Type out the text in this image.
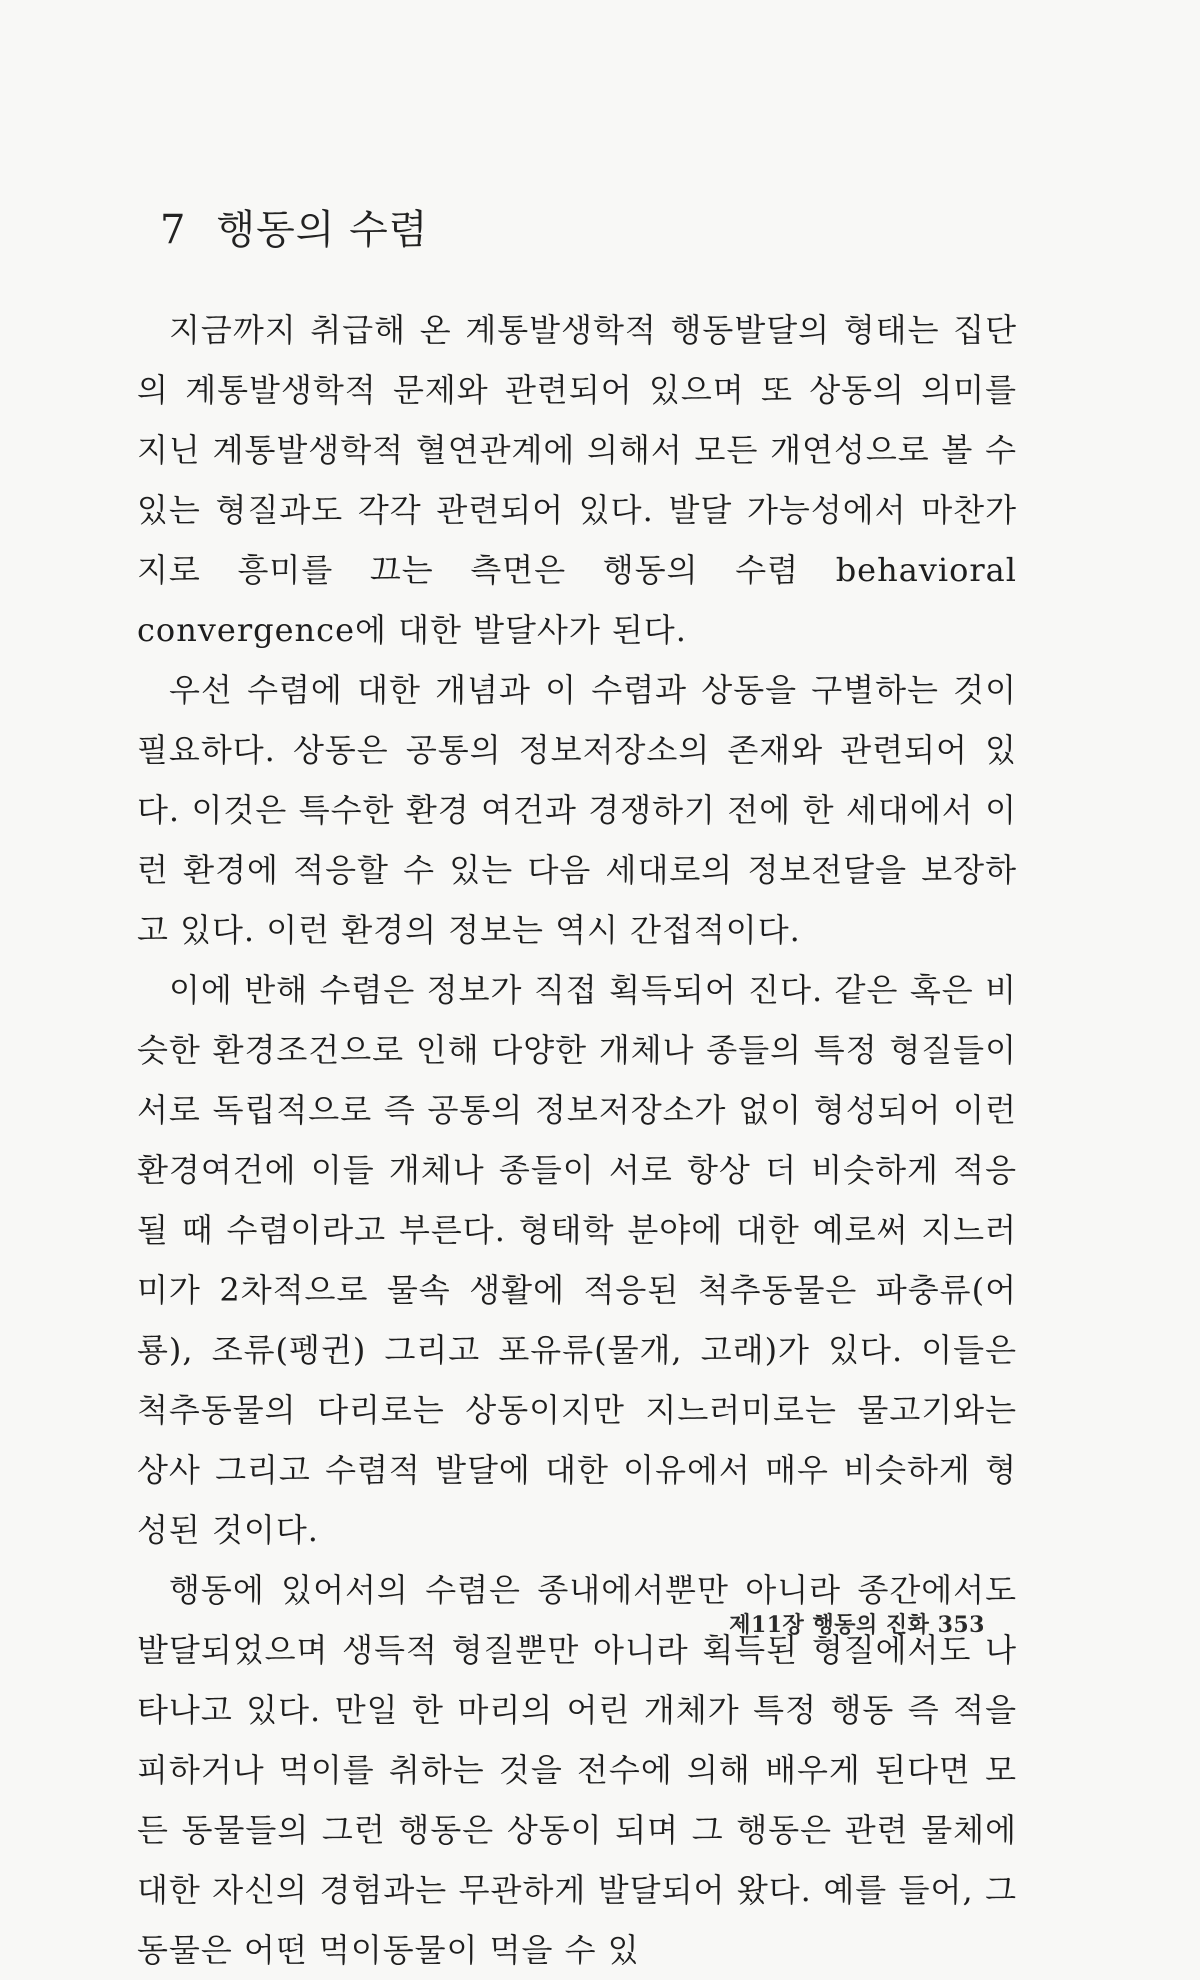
7 행동의 수렴

지금까지 취급해 온 계통발생학적 행동발달의 형태는 집단의 계통발생학적 문제와 관련되어 있으며 또 상동의 의미를 지닌 계통발생학적 혈연관계에 의해서 모든 개연성으로 볼 수 있는 형질과도 각각 관련되어 있다. 발달 가능성에서 마찬가지로 흥미를 끄는 측면은 행동의 수렴 behavioral convergence에 대한 발달사가 된다.

우선 수렴에 대한 개념과 이 수렴과 상동을 구별하는 것이 필요하다. 상동은 공통의 정보저장소의 존재와 관련되어 있다. 이것은 특수한 환경 여건과 경쟁하기 전에 한 세대에서 이런 환경에 적응할 수 있는 다음 세대로의 정보전달을 보장하고 있다. 이런 환경의 정보는 역시 간접적이다.

이에 반해 수렴은 정보가 직접 획득되어 진다. 같은 혹은 비슷한 환경조건으로 인해 다양한 개체나 종들의 특정 형질들이 서로 독립적으로 즉 공통의 정보저장소가 없이 형성되어 이런 환경여건에 이들 개체나 종들이 서로 항상 더 비슷하게 적응될 때 수렴이라고 부른다. 형태학 분야에 대한 예로써 지느러미가 2차적으로 물속 생활에 적응된 척추동물은 파충류(어룡), 조류(펭귄) 그리고 포유류(물개, 고래)가 있다. 이들은 척추동물의 다리로는 상동이지만 지느러미로는 물고기와는 상사 그리고 수렴적 발달에 대한 이유에서 매우 비슷하게 형성된 것이다.

행동에 있어서의 수렴은 종내에서뿐만 아니라 종간에서도 발달되었으며 생득적 형질뿐만 아니라 획득된 형질에서도 나타나고 있다. 만일 한 마리의 어린 개체가 특정 행동 즉 적을 피하거나 먹이를 취하는 것을 전수에 의해 배우게 된다면 모든 동물들의 그런 행동은 상동이 되며 그 행동은 관련 물체에 대한 자신의 경험과는 무관하게 발달되어 왔다. 예를 들어, 그 동물은 어떤 먹이동물이 먹을 수 있

제11장 행동의 진화 353
